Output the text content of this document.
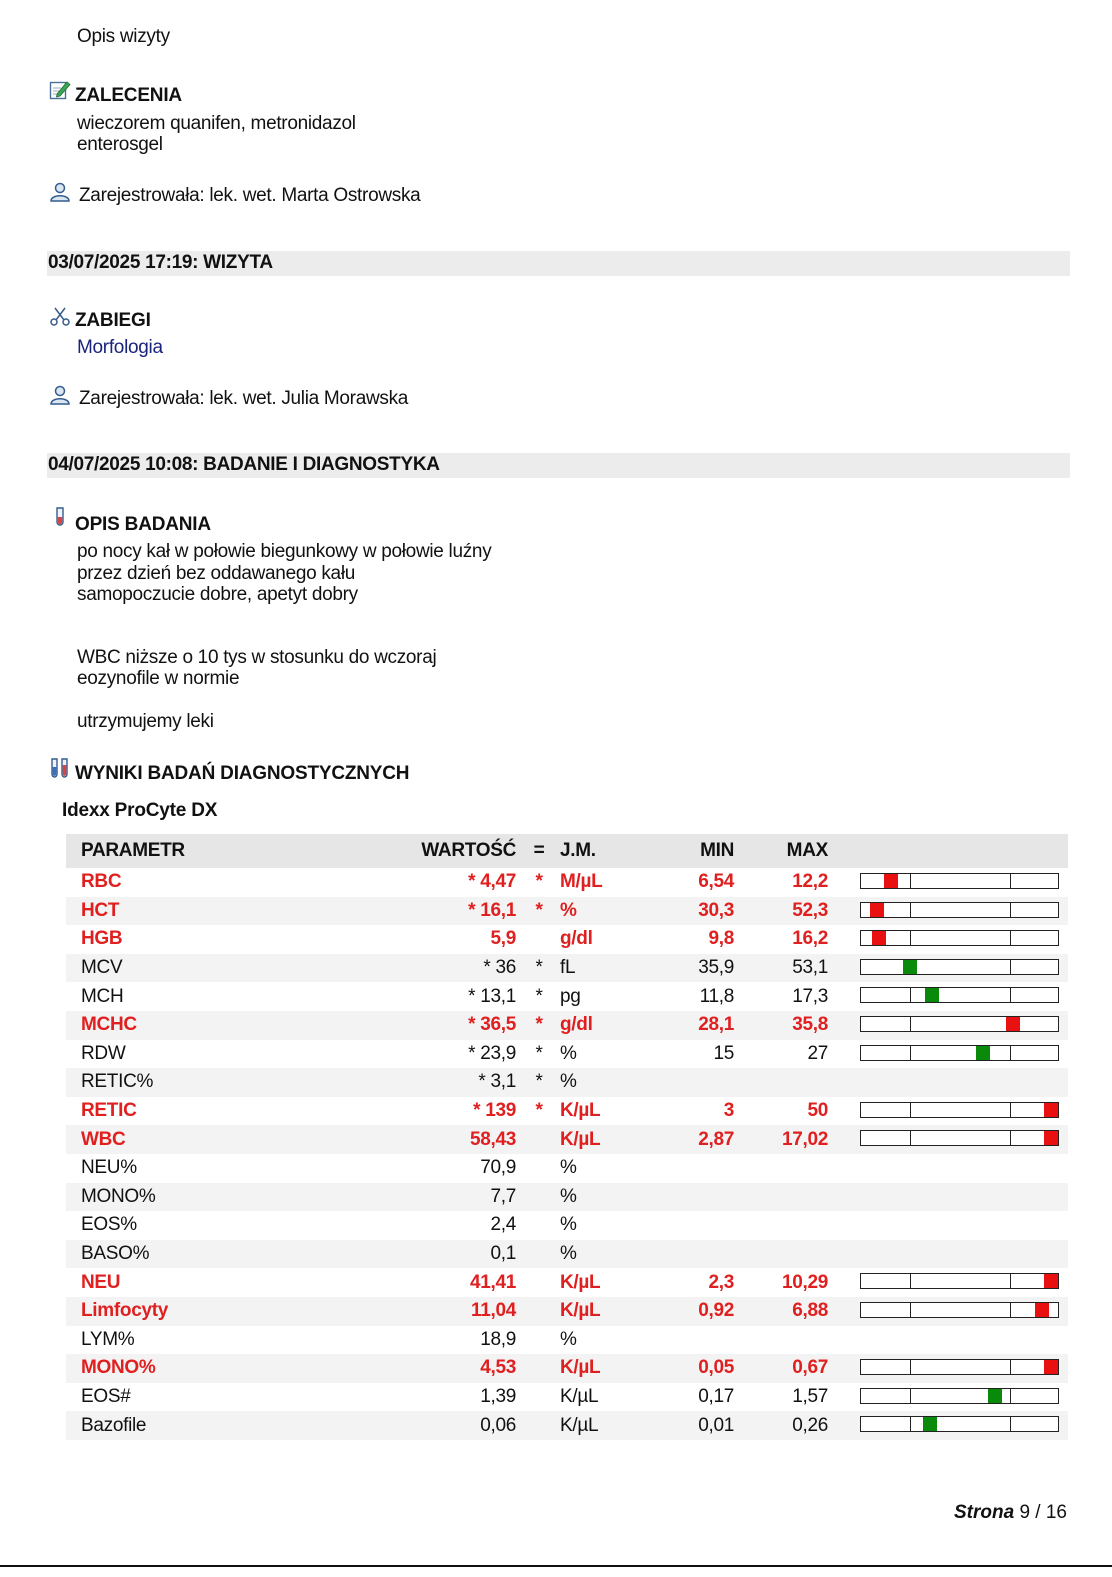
Opis wizyty
ZALECENIA
wieczorem quanifen, metronidazol
enterosgel
Zarejestrowała: lek. wet. Marta Ostrowska
03/07/2025 17:19: WIZYTA
ZABIEGI
Morfologia
Zarejestrowała: lek. wet. Julia Morawska
04/07/2025 10:08: BADANIE I DIAGNOSTYKA
OPIS BADANIA
po nocy kał w połowie biegunkowy w połowie luźny
przez dzień bez oddawanego kału
samopoczucie dobre, apetyt dobry
WBC niższe o 10 tys w stosunku do wczoraj
eozynofile w normie
utrzymujemy leki
WYNIKI BADAŃ DIAGNOSTYCZNYCH
Idexx ProCyte DX
PARAMETR	WARTOŚĆ = J.M.	MIN	MAX
RBC	* 4,47 * M/µL	6,54	12,2
HCT	* 16,1 * %	30,3	52,3
HGB	5,9 g/dl	9,8	16,2
MCV	* 36 * fL	35,9	53,1
MCH	* 13,1 * pg	11,8	17,3
MCHC	* 36,5 * g/dl	28,1	35,8
RDW	* 23,9 * %	15	27
RETIC%	* 3,1 * %
RETIC	* 139 * K/µL	3	50
WBC	58,43 K/µL	2,87	17,02
NEU%	70,9 %
MONO%	7,7 %
EOS%	2,4 %
BASO%	0,1 %
NEU	41,41 K/µL	2,3	10,29
Limfocyty	11,04 K/µL	0,92	6,88
LYM%	18,9 %
MONO%	4,53 K/µL	0,05	0,67
EOS#	1,39 K/µL	0,17	1,57
Bazofile	0,06 K/µL	0,01	0,26
Strona 9 / 16
